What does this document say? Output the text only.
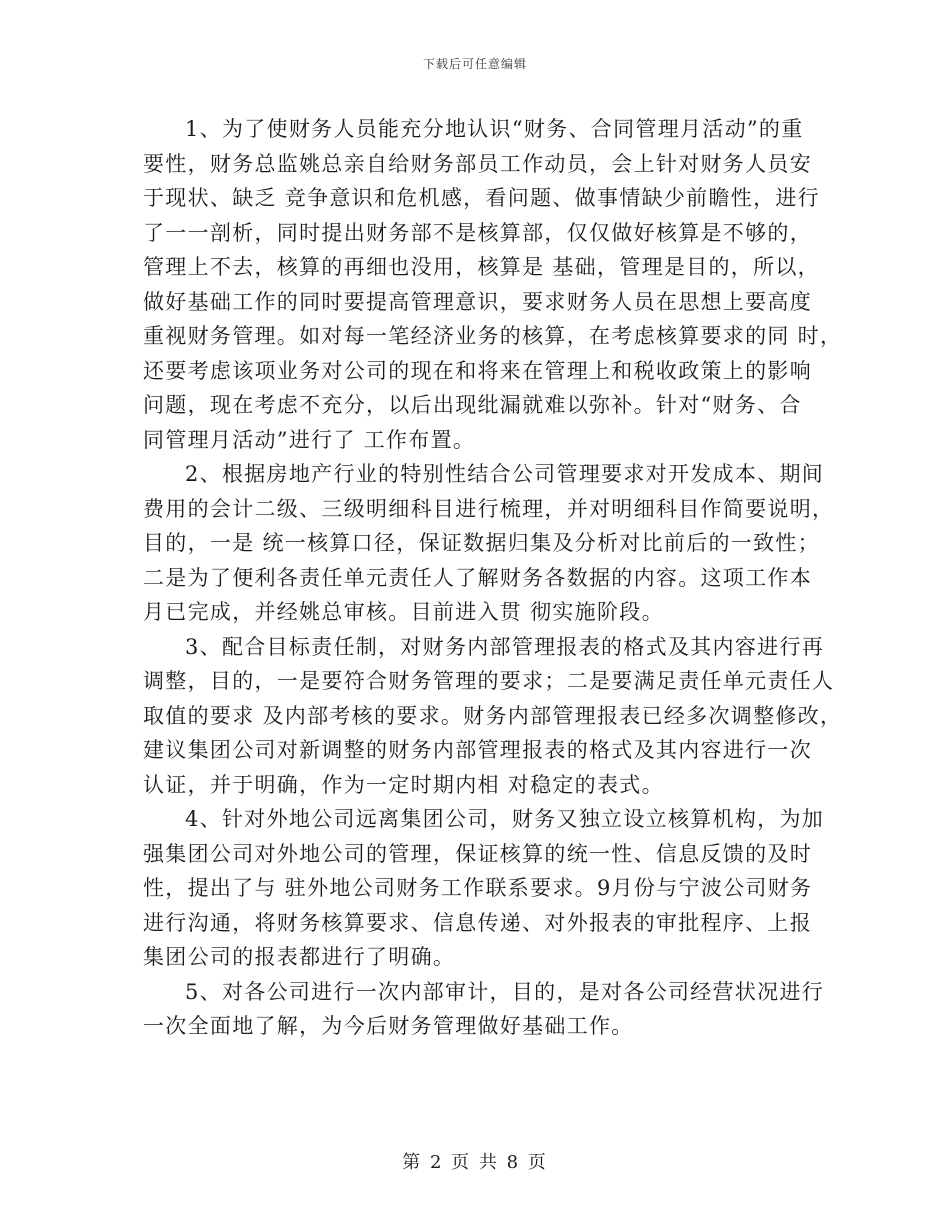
下载后可任意编辑
1、为了使财务人员能充分地认识“财务、合同管理月活动”的重
要性，财务总监姚总亲自给财务部员工作动员，会上针对财务人员安
于现状、缺乏 竞争意识和危机感，看问题、做事情缺少前瞻性，进行
了一一剖析，同时提出财务部不是核算部，仅仅做好核算是不够的，
管理上不去，核算的再细也没用，核算是 基础，管理是目的，所以，
做好基础工作的同时要提高管理意识，要求财务人员在思想上要高度
重视财务管理。如对每一笔经济业务的核算，在考虑核算要求的同 时，
还要考虑该项业务对公司的现在和将来在管理上和税收政策上的影响
问题，现在考虑不充分，以后出现纰漏就难以弥补。针对“财务、合
同管理月活动”进行了 工作布置。
2、根据房地产行业的特别性结合公司管理要求对开发成本、期间
费用的会计二级、三级明细科目进行梳理，并对明细科目作简要说明，
目的，一是 统一核算口径，保证数据归集及分析对比前后的一致性；
二是为了便利各责任单元责任人了解财务各数据的内容。这项工作本
月已完成，并经姚总审核。目前进入贯 彻实施阶段。
3、配合目标责任制，对财务内部管理报表的格式及其内容进行再
调整，目的，一是要符合财务管理的要求；二是要满足责任单元责任人
取值的要求 及内部考核的要求。财务内部管理报表已经多次调整修改，
建议集团公司对新调整的财务内部管理报表的格式及其内容进行一次
认证，并于明确，作为一定时期内相 对稳定的表式。
4、针对外地公司远离集团公司，财务又独立设立核算机构，为加
强集团公司对外地公司的管理，保证核算的统一性、信息反馈的及时
性，提出了与 驻外地公司财务工作联系要求。9月份与宁波公司财务
进行沟通，将财务核算要求、信息传递、对外报表的审批程序、上报
集团公司的报表都进行了明确。
5、对各公司进行一次内部审计，目的，是对各公司经营状况进行
一次全面地了解，为今后财务管理做好基础工作。
第 2 页 共 8 页
